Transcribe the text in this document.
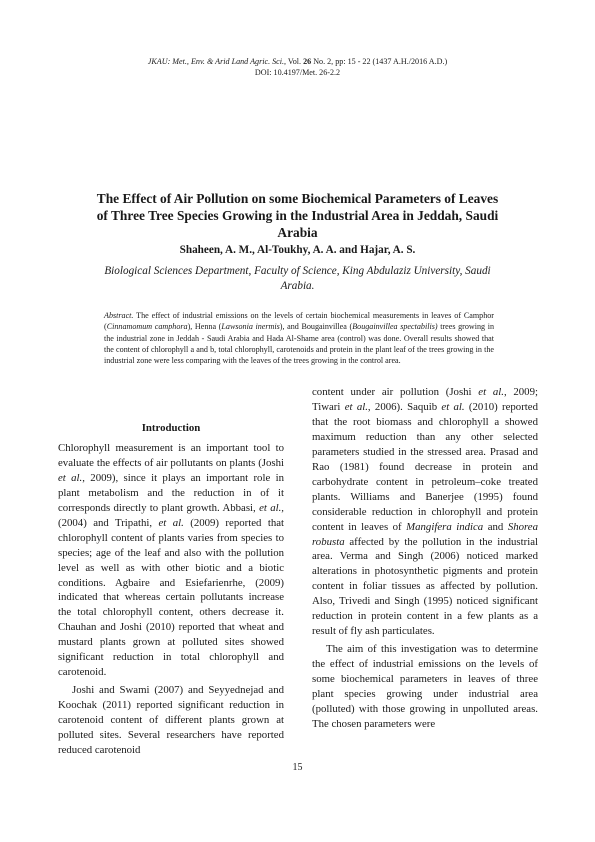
JKAU: Met., Env. & Arid Land Agric. Sci., Vol. 26 No. 2, pp: 15 - 22 (1437 A.H./2016 A.D.)
DOI: 10.4197/Met. 26-2.2
The Effect of Air Pollution on some Biochemical Parameters of Leaves of Three Tree Species Growing in the Industrial Area in Jeddah, Saudi Arabia
Shaheen, A. M., Al-Toukhy, A. A. and Hajar, A. S.
Biological Sciences Department, Faculty of Science, King Abdulaziz University, Saudi Arabia.
Abstract. The effect of industrial emissions on the levels of certain biochemical measurements in leaves of Camphor (Cinnamomum camphora), Henna (Lawsonia inermis), and Bougainvillea (Bougainvillea spectabilis) trees growing in the industrial zone in Jeddah - Saudi Arabia and Hada Al-Shame area (control) was done. Overall results showed that the content of chlorophyll a and b, total chlorophyll, carotenoids and protein in the plant leaf of the trees growing in the industrial zone were less comparing with the leaves of the trees growing in the control area.
Introduction

Chlorophyll measurement is an important tool to evaluate the effects of air pollutants on plants (Joshi et al., 2009), since it plays an important role in plant metabolism and the reduction in of it corresponds directly to plant growth. Abbasi, et al., (2004) and Tripathi, et al. (2009) reported that chlorophyll content of plants varies from species to species; age of the leaf and also with the pollution level as well as with other biotic and a biotic conditions. Agbaire and Esiefarienrhe, (2009) indicated that whereas certain pollutants increase the total chlorophyll content, others decrease it. Chauhan and Joshi (2010) reported that wheat and mustard plants grown at polluted sites showed significant reduction in total chlorophyll and carotenoid.

Joshi and Swami (2007) and Seyyednejad and Koochak (2011) reported significant reduction in carotenoid content of different plants grown at polluted sites. Several researchers have reported reduced carotenoid

content under air pollution (Joshi et al., 2009; Tiwari et al., 2006). Saquib et al. (2010) reported that the root biomass and chlorophyll a showed maximum reduction than any other selected parameters studied in the stressed area. Prasad and Rao (1981) found decrease in protein and carbohydrate content in petroleum–coke treated plants. Williams and Banerjee (1995) found considerable reduction in chlorophyll and protein content in leaves of Mangifera indica and Shorea robusta affected by the pollution in the industrial area. Verma and Singh (2006) noticed marked alterations in photosynthetic pigments and protein content in foliar tissues as affected by pollution. Also, Trivedi and Singh (1995) noticed significant reduction in protein content in a few plants as a result of fly ash particulates.

The aim of this investigation was to determine the effect of industrial emissions on the levels of some biochemical parameters in leaves of three plant species growing under industrial area (polluted) with those growing in unpolluted areas. The chosen parameters were

15
